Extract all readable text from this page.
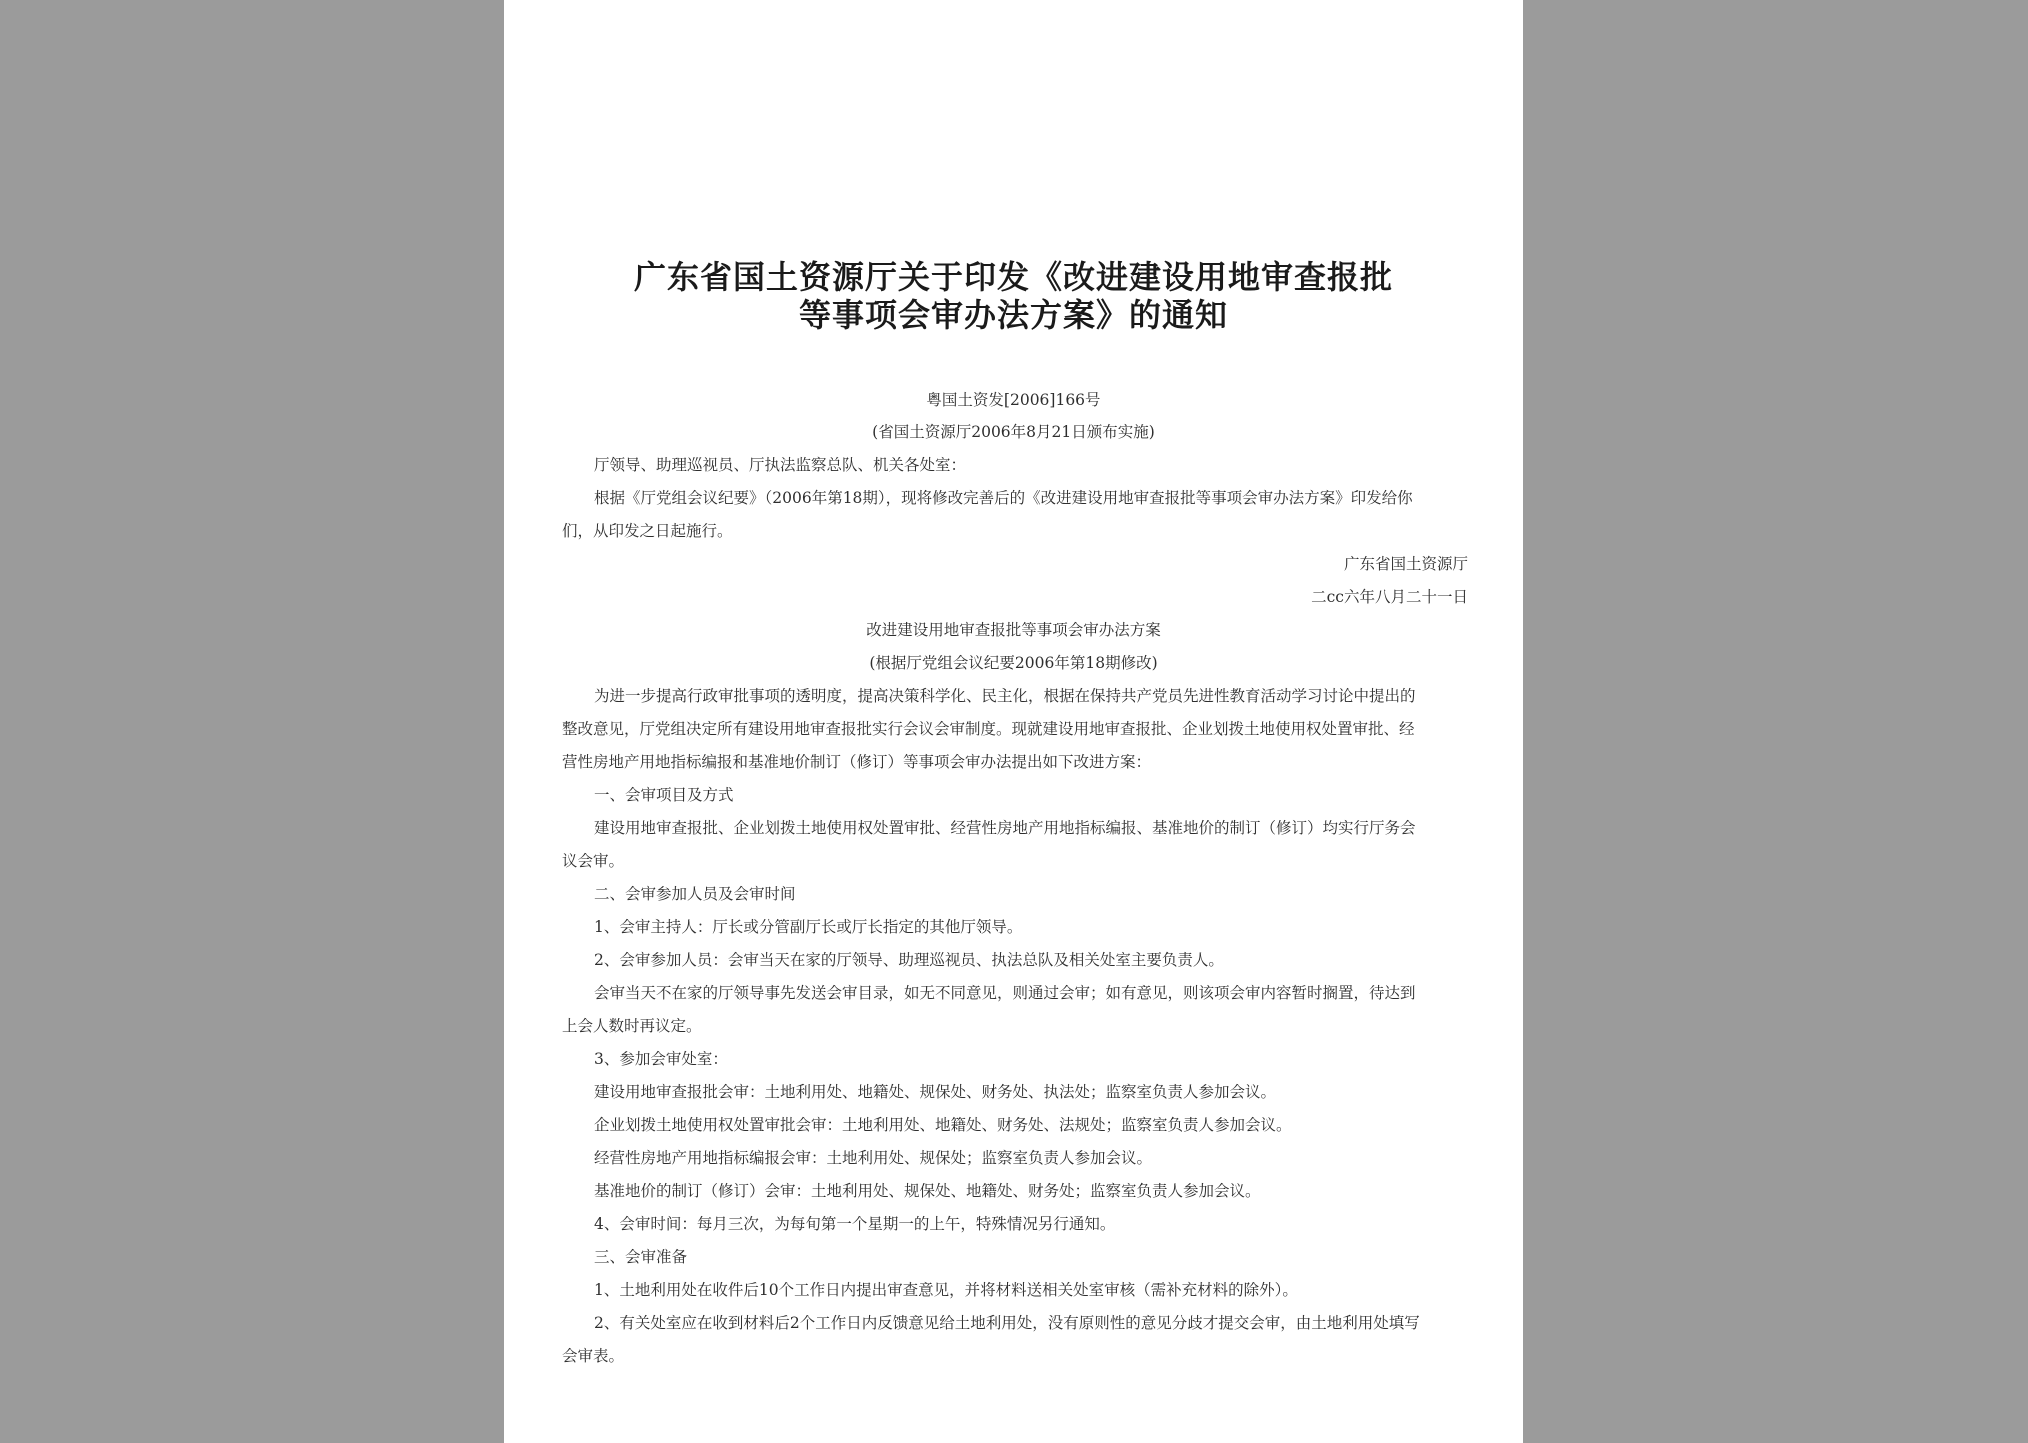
广东省国土资源厅关于印发《改进建设用地审查报批
等事项会审办法方案》的通知
粤国土资发[2006]166号
(省国土资源厅2006年8月21日颁布实施)
厅领导、助理巡视员、厅执法监察总队、机关各处室：
根据《厅党组会议纪要》（2006年第18期），现将修改完善后的《改进建设用地审查报批等事项会审办法方案》印发给你
们，从印发之日起施行。
广东省国土资源厅
二cc六年八月二十一日
改进建设用地审查报批等事项会审办法方案
(根据厅党组会议纪要2006年第18期修改)
为进一步提高行政审批事项的透明度，提高决策科学化、民主化，根据在保持共产党员先进性教育活动学习讨论中提出的
整改意见，厅党组决定所有建设用地审查报批实行会议会审制度。现就建设用地审查报批、企业划拨土地使用权处置审批、经
营性房地产用地指标编报和基准地价制订（修订）等事项会审办法提出如下改进方案：
一、会审项目及方式
建设用地审查报批、企业划拨土地使用权处置审批、经营性房地产用地指标编报、基准地价的制订（修订）均实行厅务会
议会审。
二、会审参加人员及会审时间
1、会审主持人：厅长或分管副厅长或厅长指定的其他厅领导。
2、会审参加人员：会审当天在家的厅领导、助理巡视员、执法总队及相关处室主要负责人。
会审当天不在家的厅领导事先发送会审目录，如无不同意见，则通过会审；如有意见，则该项会审内容暂时搁置，待达到
上会人数时再议定。
3、参加会审处室：
建设用地审查报批会审：土地利用处、地籍处、规保处、财务处、执法处；监察室负责人参加会议。
企业划拨土地使用权处置审批会审：土地利用处、地籍处、财务处、法规处；监察室负责人参加会议。
经营性房地产用地指标编报会审：土地利用处、规保处；监察室负责人参加会议。
基准地价的制订（修订）会审：土地利用处、规保处、地籍处、财务处；监察室负责人参加会议。
4、会审时间：每月三次，为每旬第一个星期一的上午，特殊情况另行通知。
三、会审准备
1、土地利用处在收件后10个工作日内提出审查意见，并将材料送相关处室审核（需补充材料的除外）。
2、有关处室应在收到材料后2个工作日内反馈意见给土地利用处，没有原则性的意见分歧才提交会审，由土地利用处填写
会审表。
